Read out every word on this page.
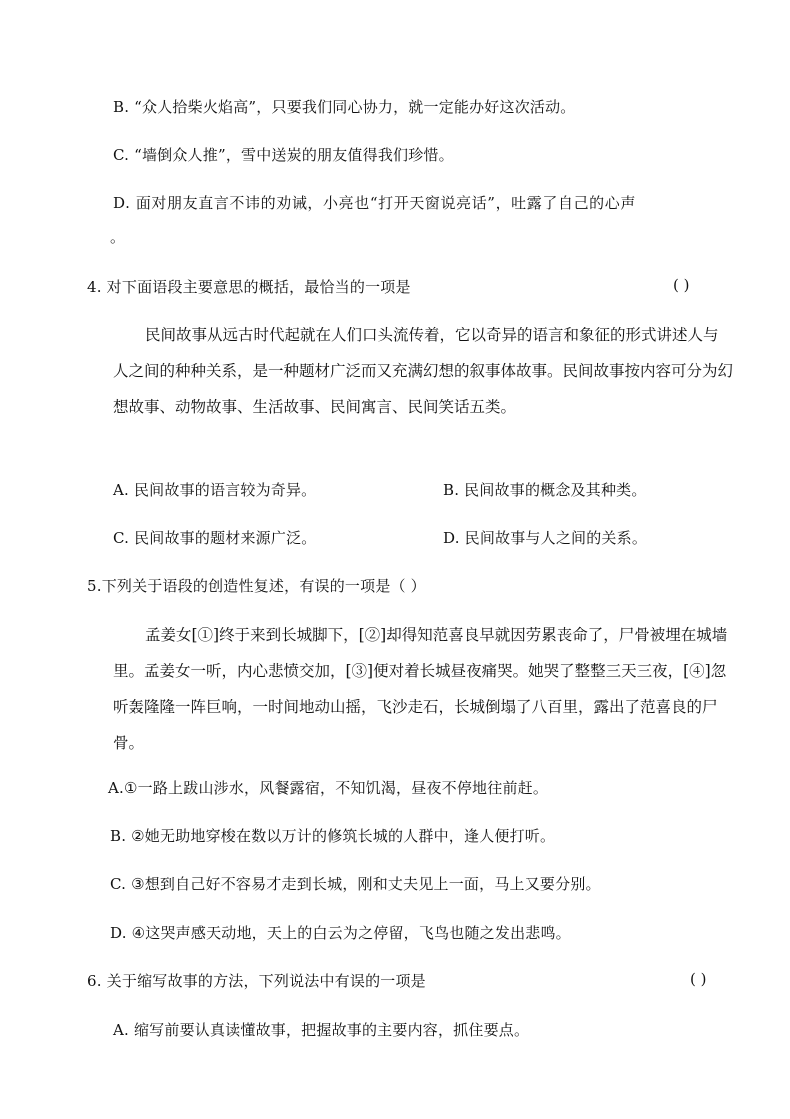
B. “众人拾柴火焰高”，只要我们同心协力，就一定能办好这次活动。
C. “墙倒众人推”，雪中送炭的朋友值得我们珍惜。
D. 面对朋友直言不讳的劝诫，小亮也“打开天窗说亮话”，吐露了自己的心声
。
4. 对下面语段主要意思的概括，最恰当的一项是	( )
民间故事从远古时代起就在人们口头流传着，它以奇异的语言和象征的形式讲述人与人之间的种种关系，是一种题材广泛而又充满幻想的叙事体故事。民间故事按内容可分为幻想故事、动物故事、生活故事、民间寓言、民间笑话五类。
A. 民间故事的语言较为奇异。	B. 民间故事的概念及其种类。
C. 民间故事的题材来源广泛。	D. 民间故事与人之间的关系。
5.下列关于语段的创造性复述，有误的一项是（ ）
孟姜女[①]终于来到长城脚下，[②]却得知范喜良早就因劳累丧命了，尸骨被埋在城墙里。孟姜女一听，内心悲愤交加，[③]便对着长城昼夜痛哭。她哭了整整三天三夜，[④]忽听轰隆隆一阵巨响，一时间地动山摇，飞沙走石，长城倒塌了八百里，露出了范喜良的尸骨。
A.①一路上跋山涉水，风餐露宿，不知饥渴，昼夜不停地往前赶。
B. ②她无助地穿梭在数以万计的修筑长城的人群中，逢人便打听。
C. ③想到自己好不容易才走到长城，刚和丈夫见上一面，马上又要分别。
D. ④这哭声感天动地，天上的白云为之停留，飞鸟也随之发出悲鸣。
6. 关于缩写故事的方法，下列说法中有误的一项是	( )
A. 缩写前要认真读懂故事，把握故事的主要内容，抓住要点。
